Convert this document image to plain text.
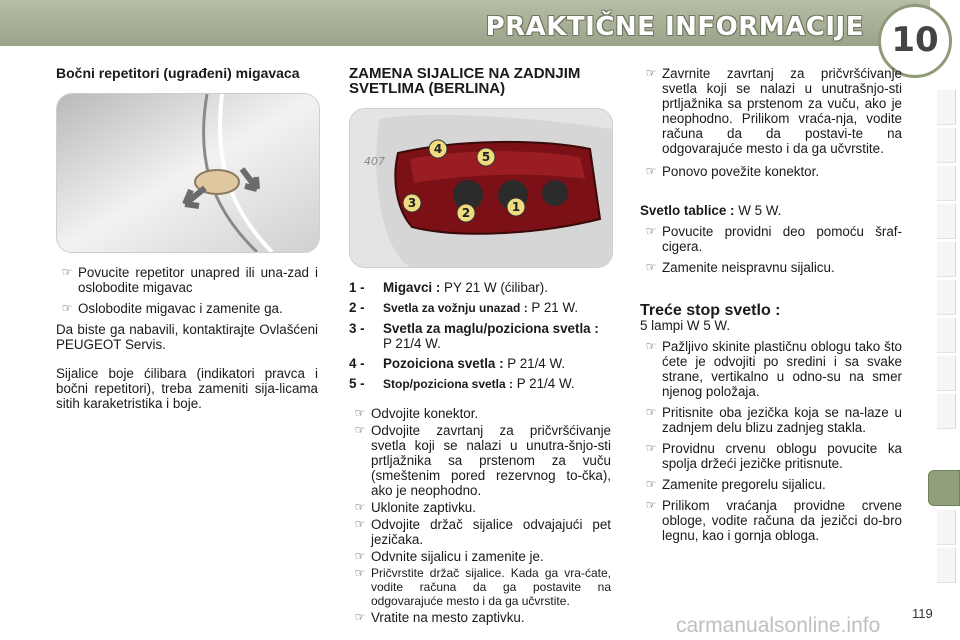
PRAKTIČNE INFORMACIJE 10
Bočni repetitori (ugrađeni) migavaca
☞ Povucite repetitor unapred ili una-zad i oslobodite migavac
☞ Oslobodite migavac i zamenite ga.

Da biste ga nabavili, kontaktirajte Ovlašćeni PEUGEOT Servis.

Sijalice boje ćilibara (indikatori pravca i bočni repetitori), treba zameniti sija-licama sitih karaketristika i boje.

ZAMENA SIJALICE NA ZADNJIM SVETLIMA (BERLINA)
407
1
2
3
4
5
1 -	Migavci : PY 21 W (ćilibar).
2 -	Svetla za vožnju unazad : P 21 W.
3 -	Svetla za maglu/poziciona svetla : P 21/4 W.
4 -	Pozoiciona svetla : P 21/4 W.
5 -	Stop/poziciona svetla : P 21/4 W.
☞ Odvojite konektor.
☞ Odvojite zavrtanj za pričvršćivanje svetla koji se nalazi u unutra-šnjo-sti prtljažnika sa prstenom za vuču (smeštenim pored rezervnog to-čka), ako je neophodno.
☞ Uklonite zaptivku.
☞ Odvojite držač sijalice odvajajući pet jezičaka.
☞ Odvnite sijalicu i zamenite je.
☞ Pričvrstite držač sijalice. Kada ga vra-ćate, vodite računa da ga postavite na odgovarajuće mesto i da ga učvrstite.
☞ Vratite na mesto zaptivku.
☞ Zavrnite zavrtanj za pričvršćivanje svetla koji se nalazi u unutrašnjo-sti prtljažnika sa prstenom za vuču, ako je neophodno. Prilikom vraća-nja, vodite računa da da postavi-te na odgovarajuće mesto i da ga učvrstite.
☞ Ponovo povežite konektor.
Svetlo tablice : W 5 W.
☞ Povucite providni deo pomoću šraf-cigera.
☞ Zamenite neispravnu sijalicu.
Treće stop svetlo :
5 lampi W 5 W.
☞ Pažljivo skinite plastičnu oblogu tako što ćete je odvojiti po sredini i sa svake strane, vertikalno u odno-su na smer njenog položaja.
☞ Pritisnite oba jezička koja se na-laze u zadnjem delu blizu zadnjeg stakla.
☞ Providnu crvenu oblogu povucite ka spolja držeći jezičke pritisnute.
☞ Zamenite pregorelu sijalicu.
☞ Prilikom vraćanja providne crvene obloge, vodite računa da jezičci do-bro legnu, kao i gornja obloga.
carmanualsonline.info
119
